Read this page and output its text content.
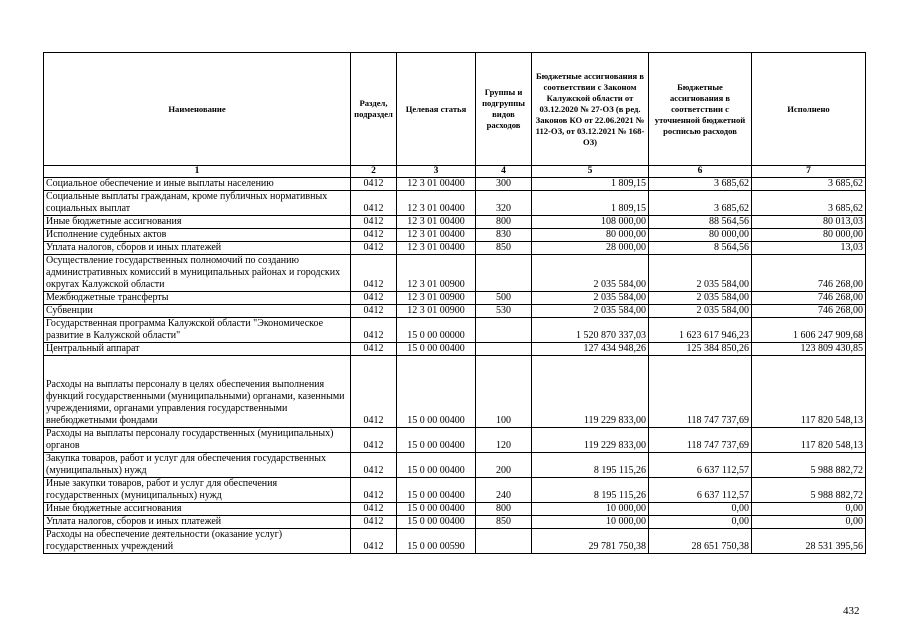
Наименование	Раздел, подраздел	Целевая статья	Группы и подгруппы видов расходов	Бюджетные ассигнования в соответствии с Законом Калужской области от 03.12.2020 № 27-ОЗ (в ред. Законов КО от 22.06.2021 № 112-ОЗ, от 03.12.2021 № 168-ОЗ)	Бюджетные ассигнования в соответствии с уточненной бюджетной росписью расходов	Исполнено
1	2	3	4	5	6	7
Социальное обеспечение и иные выплаты населению	0412	12 3 01 00400	300	1 809,15	3 685,62	3 685,62
Социальные выплаты гражданам, кроме публичных нормативных социальных выплат	0412	12 3 01 00400	320	1 809,15	3 685,62	3 685,62
Иные бюджетные ассигнования	0412	12 3 01 00400	800	108 000,00	88 564,56	80 013,03
Исполнение судебных актов	0412	12 3 01 00400	830	80 000,00	80 000,00	80 000,00
Уплата налогов, сборов и иных платежей	0412	12 3 01 00400	850	28 000,00	8 564,56	13,03
Осуществление государственных полномочий по созданию административных комиссий в муниципальных районах и городских округах Калужской области	0412	12 3 01 00900		2 035 584,00	2 035 584,00	746 268,00
Межбюджетные трансферты	0412	12 3 01 00900	500	2 035 584,00	2 035 584,00	746 268,00
Субвенции	0412	12 3 01 00900	530	2 035 584,00	2 035 584,00	746 268,00
Государственная программа Калужской области "Экономическое развитие в Калужской области"	0412	15 0 00 00000		1 520 870 337,03	1 623 617 946,23	1 606 247 909,68
Центральный аппарат	0412	15 0 00 00400		127 434 948,26	125 384 850,26	123 809 430,85
Расходы на выплаты персоналу в целях обеспечения выполнения функций государственными (муниципальными) органами, казенными учреждениями, органами управления государственными внебюджетными фондами	0412	15 0 00 00400	100	119 229 833,00	118 747 737,69	117 820 548,13
Расходы на выплаты персоналу государственных (муниципальных) органов	0412	15 0 00 00400	120	119 229 833,00	118 747 737,69	117 820 548,13
Закупка товаров, работ и услуг для обеспечения государственных (муниципальных) нужд	0412	15 0 00 00400	200	8 195 115,26	6 637 112,57	5 988 882,72
Иные закупки товаров, работ и услуг для обеспечения государственных (муниципальных) нужд	0412	15 0 00 00400	240	8 195 115,26	6 637 112,57	5 988 882,72
Иные бюджетные ассигнования	0412	15 0 00 00400	800	10 000,00	0,00	0,00
Уплата налогов, сборов и иных платежей	0412	15 0 00 00400	850	10 000,00	0,00	0,00
Расходы на обеспечение деятельности (оказание услуг) государственных учреждений	0412	15 0 00 00590		29 781 750,38	28 651 750,38	28 531 395,56
432
